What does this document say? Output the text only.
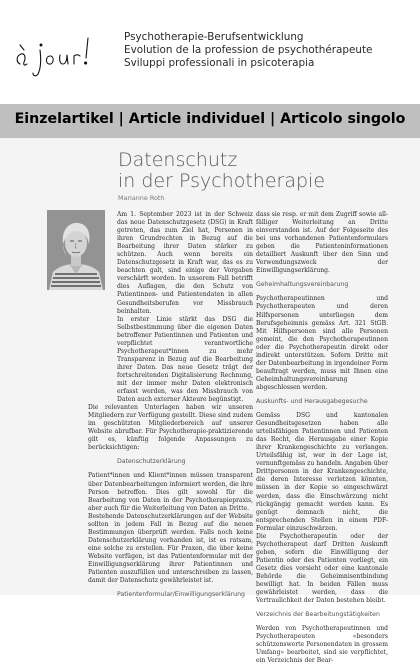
Psychotherapie-Berufsentwicklung
Evolution de la profession de psychothérapeute
Sviluppi professionali in psicoterapia
Einzelartikel | Article individuel | Articolo singolo
Datenschutz
in der Psychotherapie
Marianne Roth

Am 1. September 2023 ist in der Schweiz das neue Datenschutzgesetz (DSG) in Kraft getreten, das zum Ziel hat, Personen in ihren Grundrechten in Bezug auf die Bearbeitung ihrer Daten stärker zu schützen. Auch wenn bereits ein Datenschutzgesetz in Kraft war, das es zu beachten galt, sind einige der Vorgaben verschärft worden. In unserem Fall betrifft dies Auflagen, die den Schutz von Patientinnen- und Patientendaten in allen Gesundheitsberufen vor Missbrauch beinhalten.

In erster Linie stärkt das DSG die Selbstbestimmung über die eigenen Daten betroffener Patientinnen und Patienten und verpflichtet verantwortliche Psychotherapeut*innen zu mehr Transparenz in Bezug auf die Bearbeitung ihrer Daten. Das neue Gesetz trägt der fortschreitenden Digitalisierung Rechnung, mit der immer mehr Daten elektronisch erfasst werden, was den Missbrauch von Daten auch externer Akteure begünstigt.

Die relevanten Unterlagen haben wir unseren Mitgliedern zur Verfügung gestellt. Diese sind zudem im geschützten Mitgliederbereich auf unserer Website abrufbar. Für Psychotherapie-praktizierende gilt es, künftig folgende Anpassungen zu berücksichtigen:

Datenschutzerklärung

Patient*innen und Klient*innen müssen transparent über Datenbearbeitungen informiert werden, die ihre Person betreffen. Dies gilt sowohl für die Bearbeitung von Daten in der Psychotherapiepraxis, aber auch für die Weiterleitung von Daten an Dritte.

Bestehende Datenschutzerklärungen auf der Website sollten in jedem Fall in Bezug auf die neuen Bestimmungen überprüft werden. Falls noch keine Datenschutzerklärung vorhanden ist, ist es ratsam, eine solche zu erstellen. Für Praxen, die über keine Website verfügen, ist das Patientenformular mit der Einwilligungserklärung ihrer Patientinnen und Patienten auszufüllen und unterschreiben zu lassen, damit der Datenschutz gewährleistet ist.

Patientenformular/Einwilligungserklärung

dass sie resp. er mit dem Zugriff sowie all-fälliger Weiterleitung an Dritte einverstanden ist. Auf der Folgeseite des bei uns vorhandenen Patientenformulars geben die Patienteninformationen detailliert Auskunft über den Sinn und Verwendungszweck der Einwilligungserklärung.

Geheimhaltungsvereinbarung

Psychotherapeutinnen und Psychotherapeuten und deren Hilfspersonen unterliegen dem Berufsgeheimnis gemäss Art. 321 StGB. Mit Hilfspersonen sind alle Personen gemeint, die den Psychotherapeutinnen oder die Psychotherapeutin direkt oder indirekt unterstützen. Sofern Dritte mit der Datenbearbeitung in irgendeiner Form beauftragt werden, muss mit Ihnen eine Geheimhaltungsvereinbarung abgeschlossen werden.

Auskunfts- und Herausgabegesuche

Gemäss DSG und kantonalen Gesundheitsgesetzen haben alle urteilsfähigen Patientinnen und Patienten das Recht, die Herausgabe einer Kopie ihrer Krankengeschichte zu verlangen. Urteilsfähig ist, wer in der Lage ist, vernunftgemäss zu handeln. Angaben über Drittpersonen in der Krankengeschichte, die deren Interesse verletzen könnten, müssen in der Kopie so eingeschwärzt werden, dass die Einschwärzung nicht rückgängig gemacht werden kann. Es genügt demnach nicht, die entsprechenden Stellen in einem PDF-Formular einzuschwärzen.

Die Psychotherapeutin oder der Psychotherapeut darf Dritten Auskunft geben, sofern die Einwilligung der Patientin oder des Patienten vorliegt, ein Gesetz dies vorsieht oder eine kantonale Behörde die Geheimnisentbindung bewilligt hat. In beiden Fällen muss gewährleistet werden, dass die Vertraulichkeit der Daten bestehen bleibt.

Verzeichnis der Bearbeitungstätigkeiten

Werden von Psychotherapeutinnen und Psychotherapeuten «besonders schützenswerte Personendaten in grossem Umfang» bearbeitet, sind sie verpflichtet, ein Verzeichnis der Bear-
